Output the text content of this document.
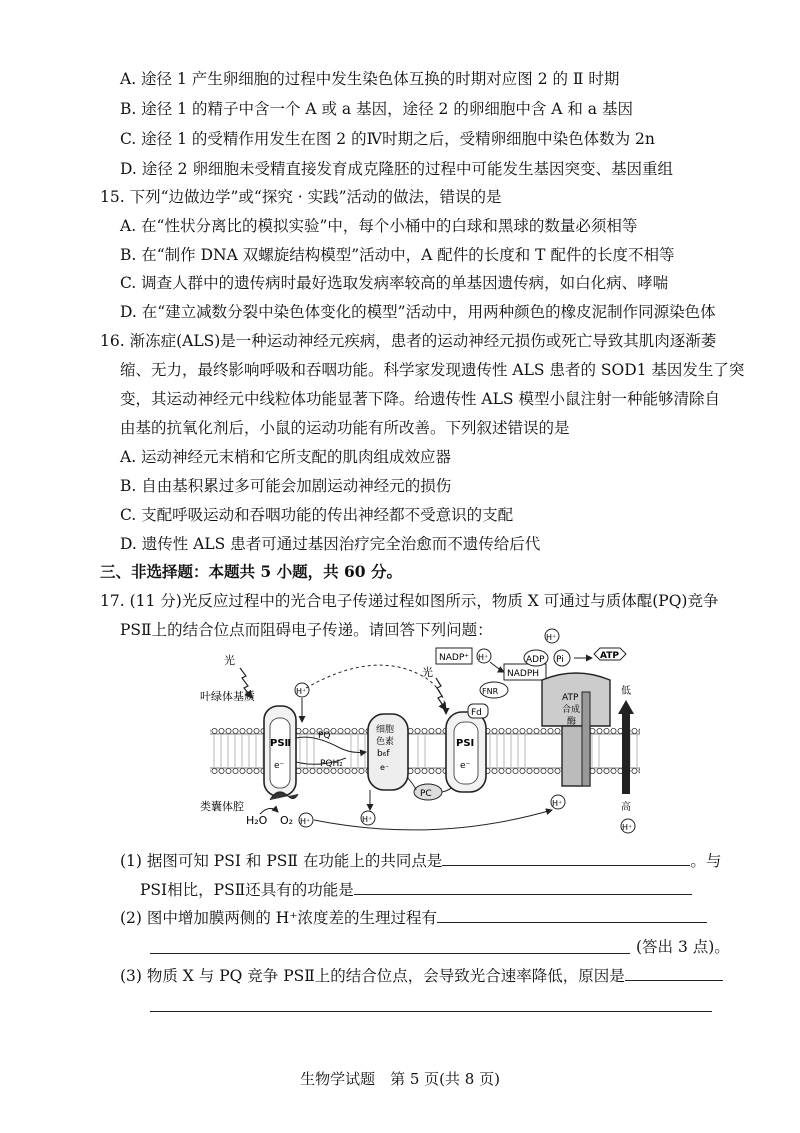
A. 途径 1 产生卵细胞的过程中发生染色体互换的时期对应图 2 的 Ⅱ 时期
B. 途径 1 的精子中含一个 A 或 a 基因，途径 2 的卵细胞中含 A 和 a 基因
C. 途径 1 的受精作用发生在图 2 的Ⅳ时期之后，受精卵细胞中染色体数为 2n
D. 途径 2 卵细胞未受精直接发育成克隆胚的过程中可能发生基因突变、基因重组
15. 下列“边做边学”或“探究 · 实践”活动的做法，错误的是
A. 在“性状分离比的模拟实验”中，每个小桶中的白球和黑球的数量必须相等
B. 在“制作 DNA 双螺旋结构模型”活动中，A 配件的长度和 T 配件的长度不相等
C. 调查人群中的遗传病时最好选取发病率较高的单基因遗传病，如白化病、哮喘
D. 在“建立减数分裂中染色体变化的模型”活动中，用两种颜色的橡皮泥制作同源染色体
16. 渐冻症(ALS)是一种运动神经元疾病，患者的运动神经元损伤或死亡导致其肌肉逐渐萎
缩、无力，最终影响呼吸和吞咽功能。科学家发现遗传性 ALS 患者的 SOD1 基因发生了突
变，其运动神经元中线粒体功能显著下降。给遗传性 ALS 模型小鼠注射一种能够清除自
由基的抗氧化剂后，小鼠的运动功能有所改善。下列叙述错误的是
A. 运动神经元末梢和它所支配的肌肉组成效应器
B. 自由基积累过多可能会加剧运动神经元的损伤
C. 支配呼吸运动和吞咽功能的传出神经都不受意识的支配
D. 遗传性 ALS 患者可通过基因治疗完全治愈而不遗传给后代
三、非选择题：本题共 5 小题，共 60 分。
17. (11 分)光反应过程中的光合电子传递过程如图所示，物质 X 可通过与质体醌(PQ)竞争
PSⅡ上的结合位点而阻碍电子传递。请回答下列问题：
叶绿体基质
类囊体腔
PSⅡ
e⁻
光
H⁺
H₂O O₂ H⁺
PQ
PQH₂
细胞
色素
b₆f
e⁻
H⁺
PC
PSⅠ
e⁻
光
Fd
FNR
NADP⁺ H⁺
NADPH
ATP
合成
酶
ADP Pi	ATP
H⁺
低
高
H⁺
H⁺
(1) 据图可知 PSⅠ 和 PSⅡ 在功能上的共同点是	。与
PSⅠ相比，PSⅡ还具有的功能是
(2) 图中增加膜两侧的 H⁺浓度差的生理过程有
(答出 3 点)。
(3) 物质 X 与 PQ 竞争 PSⅡ上的结合位点，会导致光合速率降低，原因是
生物学试题　第 5 页(共 8 页)
